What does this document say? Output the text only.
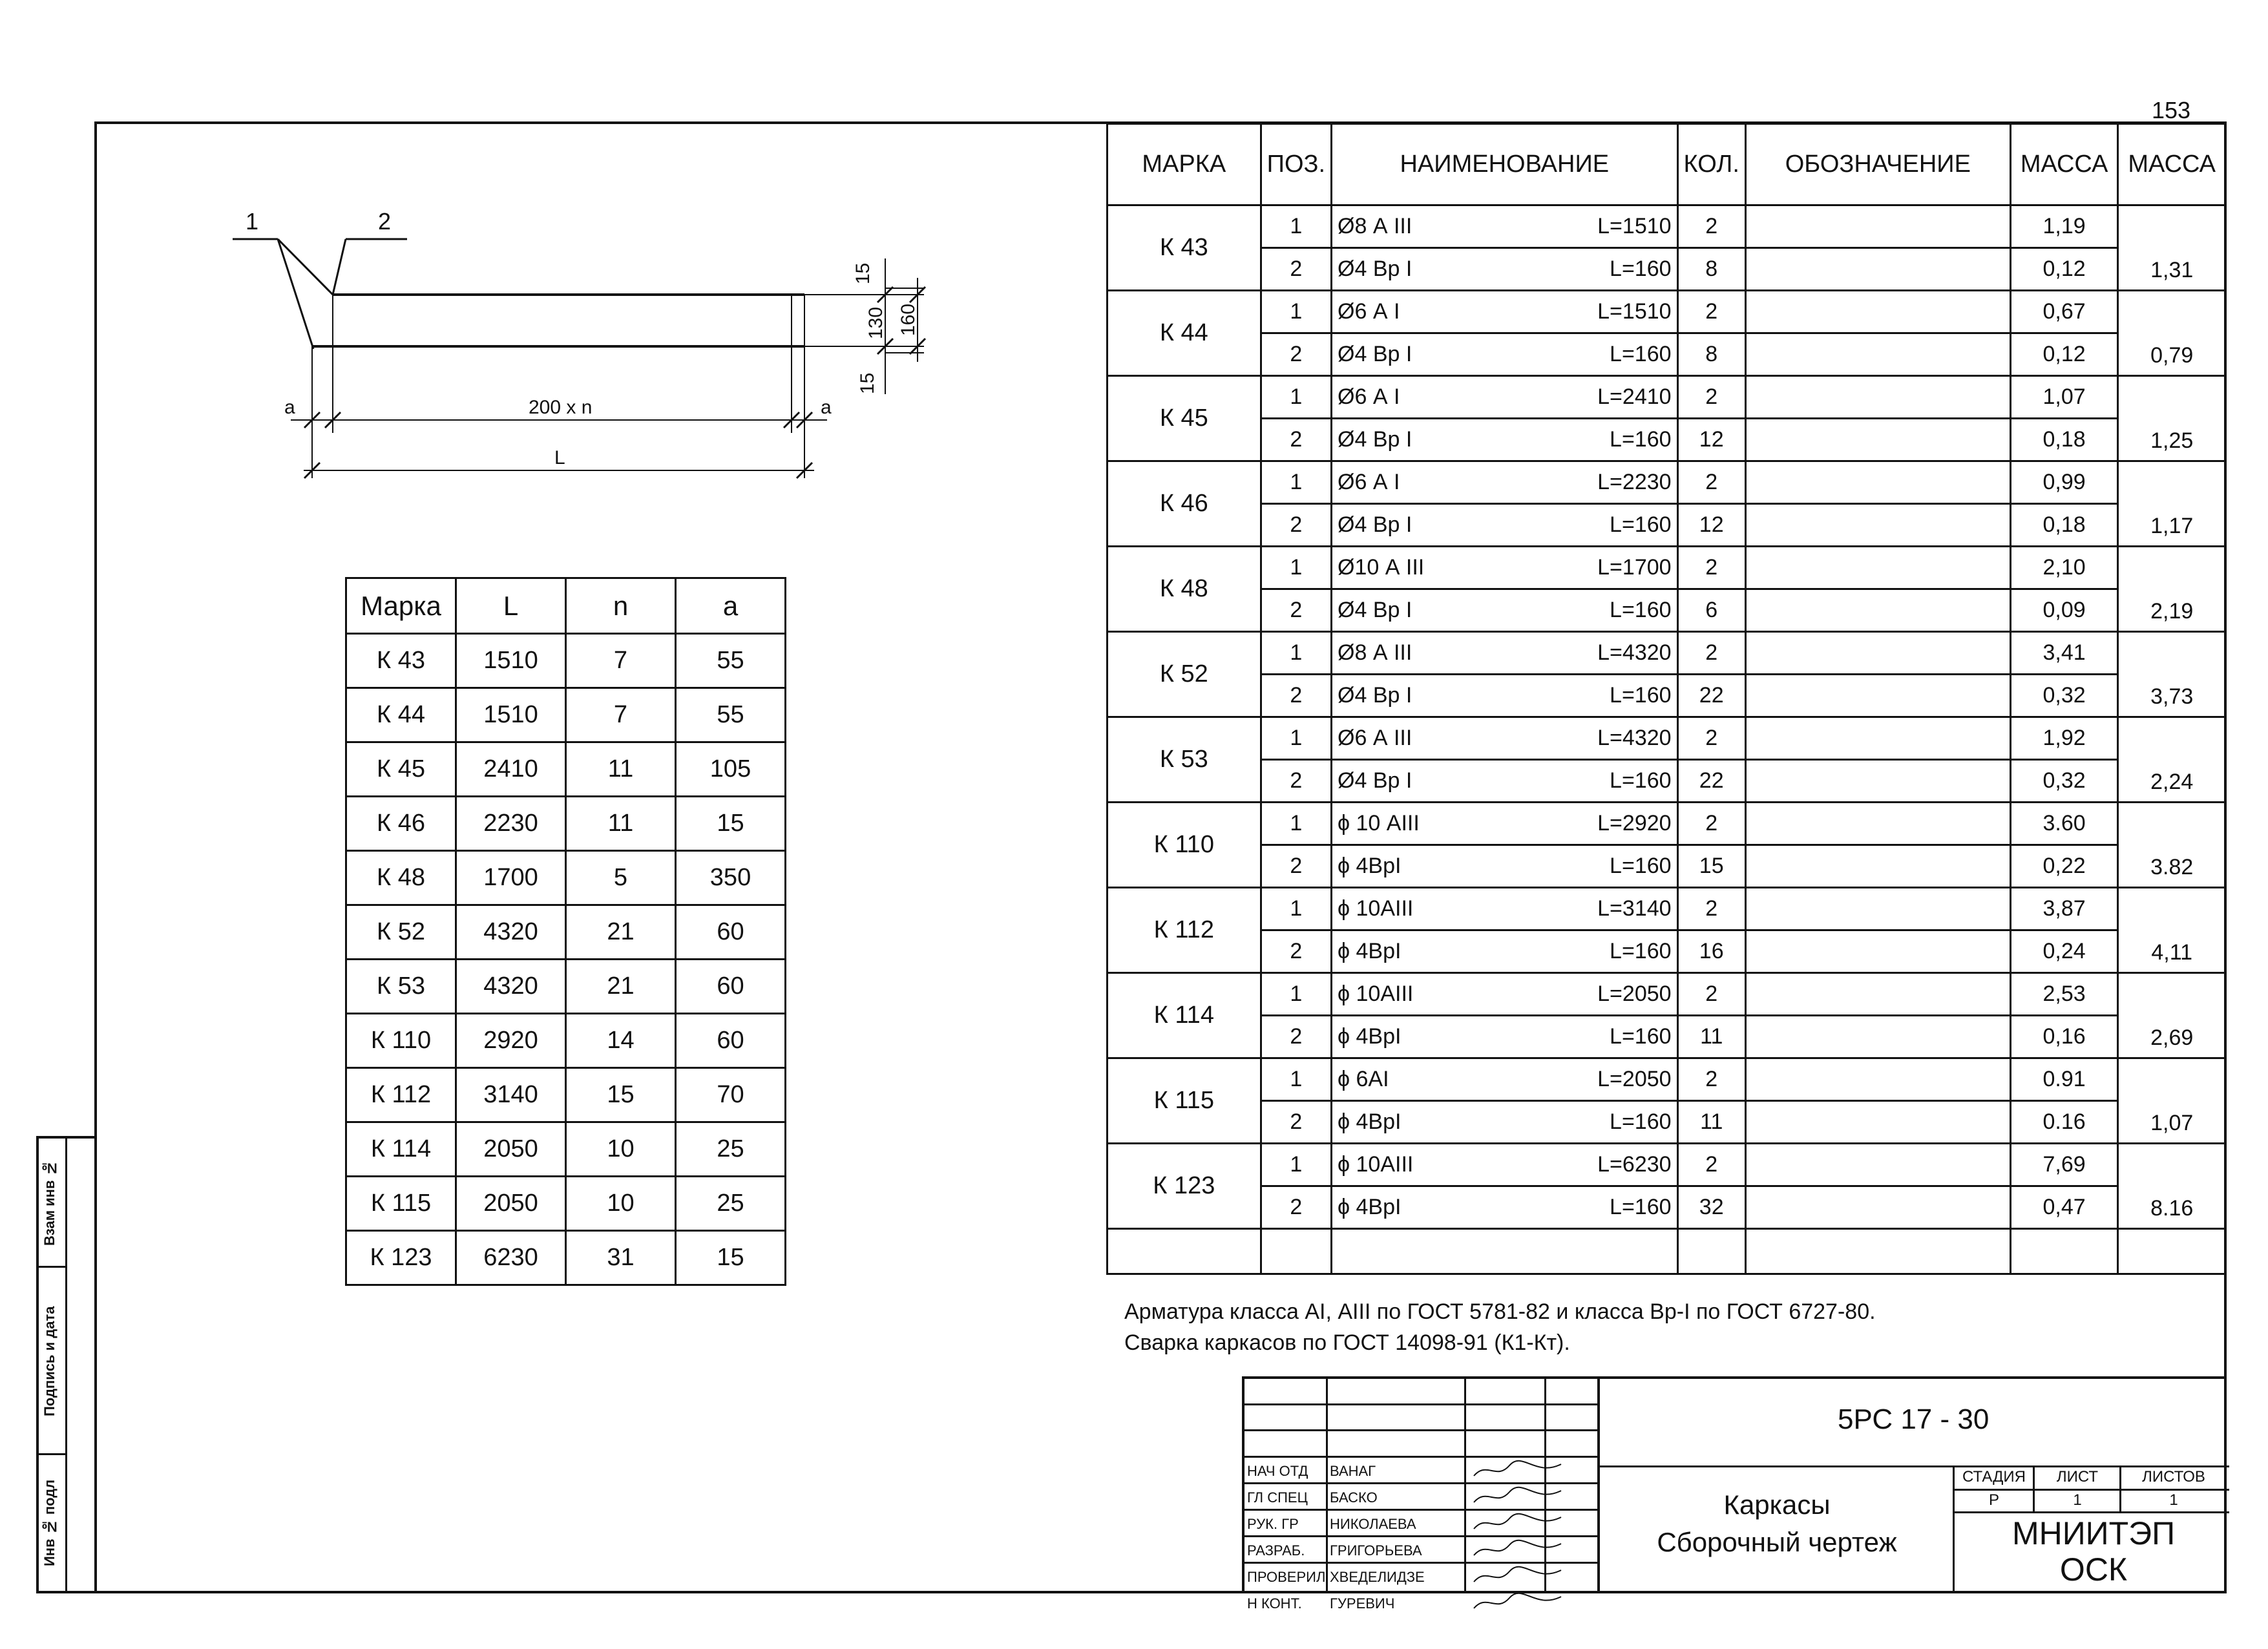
153
Взам инв №
Подпись и дата
Инв № подл
1	2
200 x n
L
a	a
15
130 160
15
Марка	L	n	a
К 43	1510	7	55
К 44	1510	7	55
К 45	2410	11	105
К 46	2230	11	15
К 48	1700	5	350
К 52	4320	21	60
К 53	4320	21	60
К 110	2920	14	60
К 112	3140	15	70
К 114	2050	10	25
К 115	2050	10	25
К 123	6230	31	15
МАРКА	ПОЗ.	НАИМЕНОВАНИЕ	КОЛ.	ОБОЗНАЧЕНИЕ	МАССА	МАССА
К 43	1	Ø8 А III L=1510	2		1,19	
	2	Ø4 Вр I L=160	8		0,12	1,31
К 44	1	Ø6 А I L=1510	2		0,67	
	2	Ø4 Вр I L=160	8		0,12	0,79
К 45	1	Ø6 А I L=2410	2		1,07	
	2	Ø4 Вр I L=160	12		0,18	1,25
К 46	1	Ø6 А I L=2230	2		0,99	
	2	Ø4 Вр I L=160	12		0,18	1,17
К 48	1	Ø10 А III L=1700	2		2,10	
	2	Ø4 Вр I L=160	6		0,09	2,19
К 52	1	Ø8 А III L=4320	2		3,41	
	2	Ø4 Вр I L=160	22		0,32	3,73
К 53	1	Ø6 А III L=4320	2		1,92	
	2	Ø4 Вр I L=160	22		0,32	2,24
К 110	1	ϕ 10 АIII L=2920	2		3.60	
	2	ϕ 4ВрI L=160	15		0,22	3.82
К 112	1	ϕ 10АIII L=3140	2		3,87	
	2	ϕ 4ВрI L=160	16		0,24	4,11
К 114	1	ϕ 10АIII L=2050	2		2,53	
	2	ϕ 4ВрI L=160	11		0,16	2,69
К 115	1	ϕ 6АI L=2050	2		0.91	
	2	ϕ 4ВрI L=160	11		0.16	1,07
К 123	1	ϕ 10АIII L=6230	2		7,69	
	2	ϕ 4ВрI L=160	32		0,47	8.16

Арматура класса АI, АIII по ГОСТ 5781-82 и класса Вр-I по ГОСТ 6727-80.
Сварка каркасов по ГОСТ 14098-91 (К1-Кт).
СТАДИЯ	ЛИСТ	ЛИСТОВ
Р	1	1
НАЧ ОТД ВАНАГ
ГЛ СПЕЦ БАСКО
РУК. ГР НИКОЛАЕВА
РАЗРАБ. ГРИГОРЬЕВА
ПРОВЕРИЛ ХВЕДЕЛИДЗЕ
Н КОНТ. ГУРЕВИЧ
5РС 17 - 30
Каркасы
Сборочный чертеж	МНИИТЭП
ОСК
